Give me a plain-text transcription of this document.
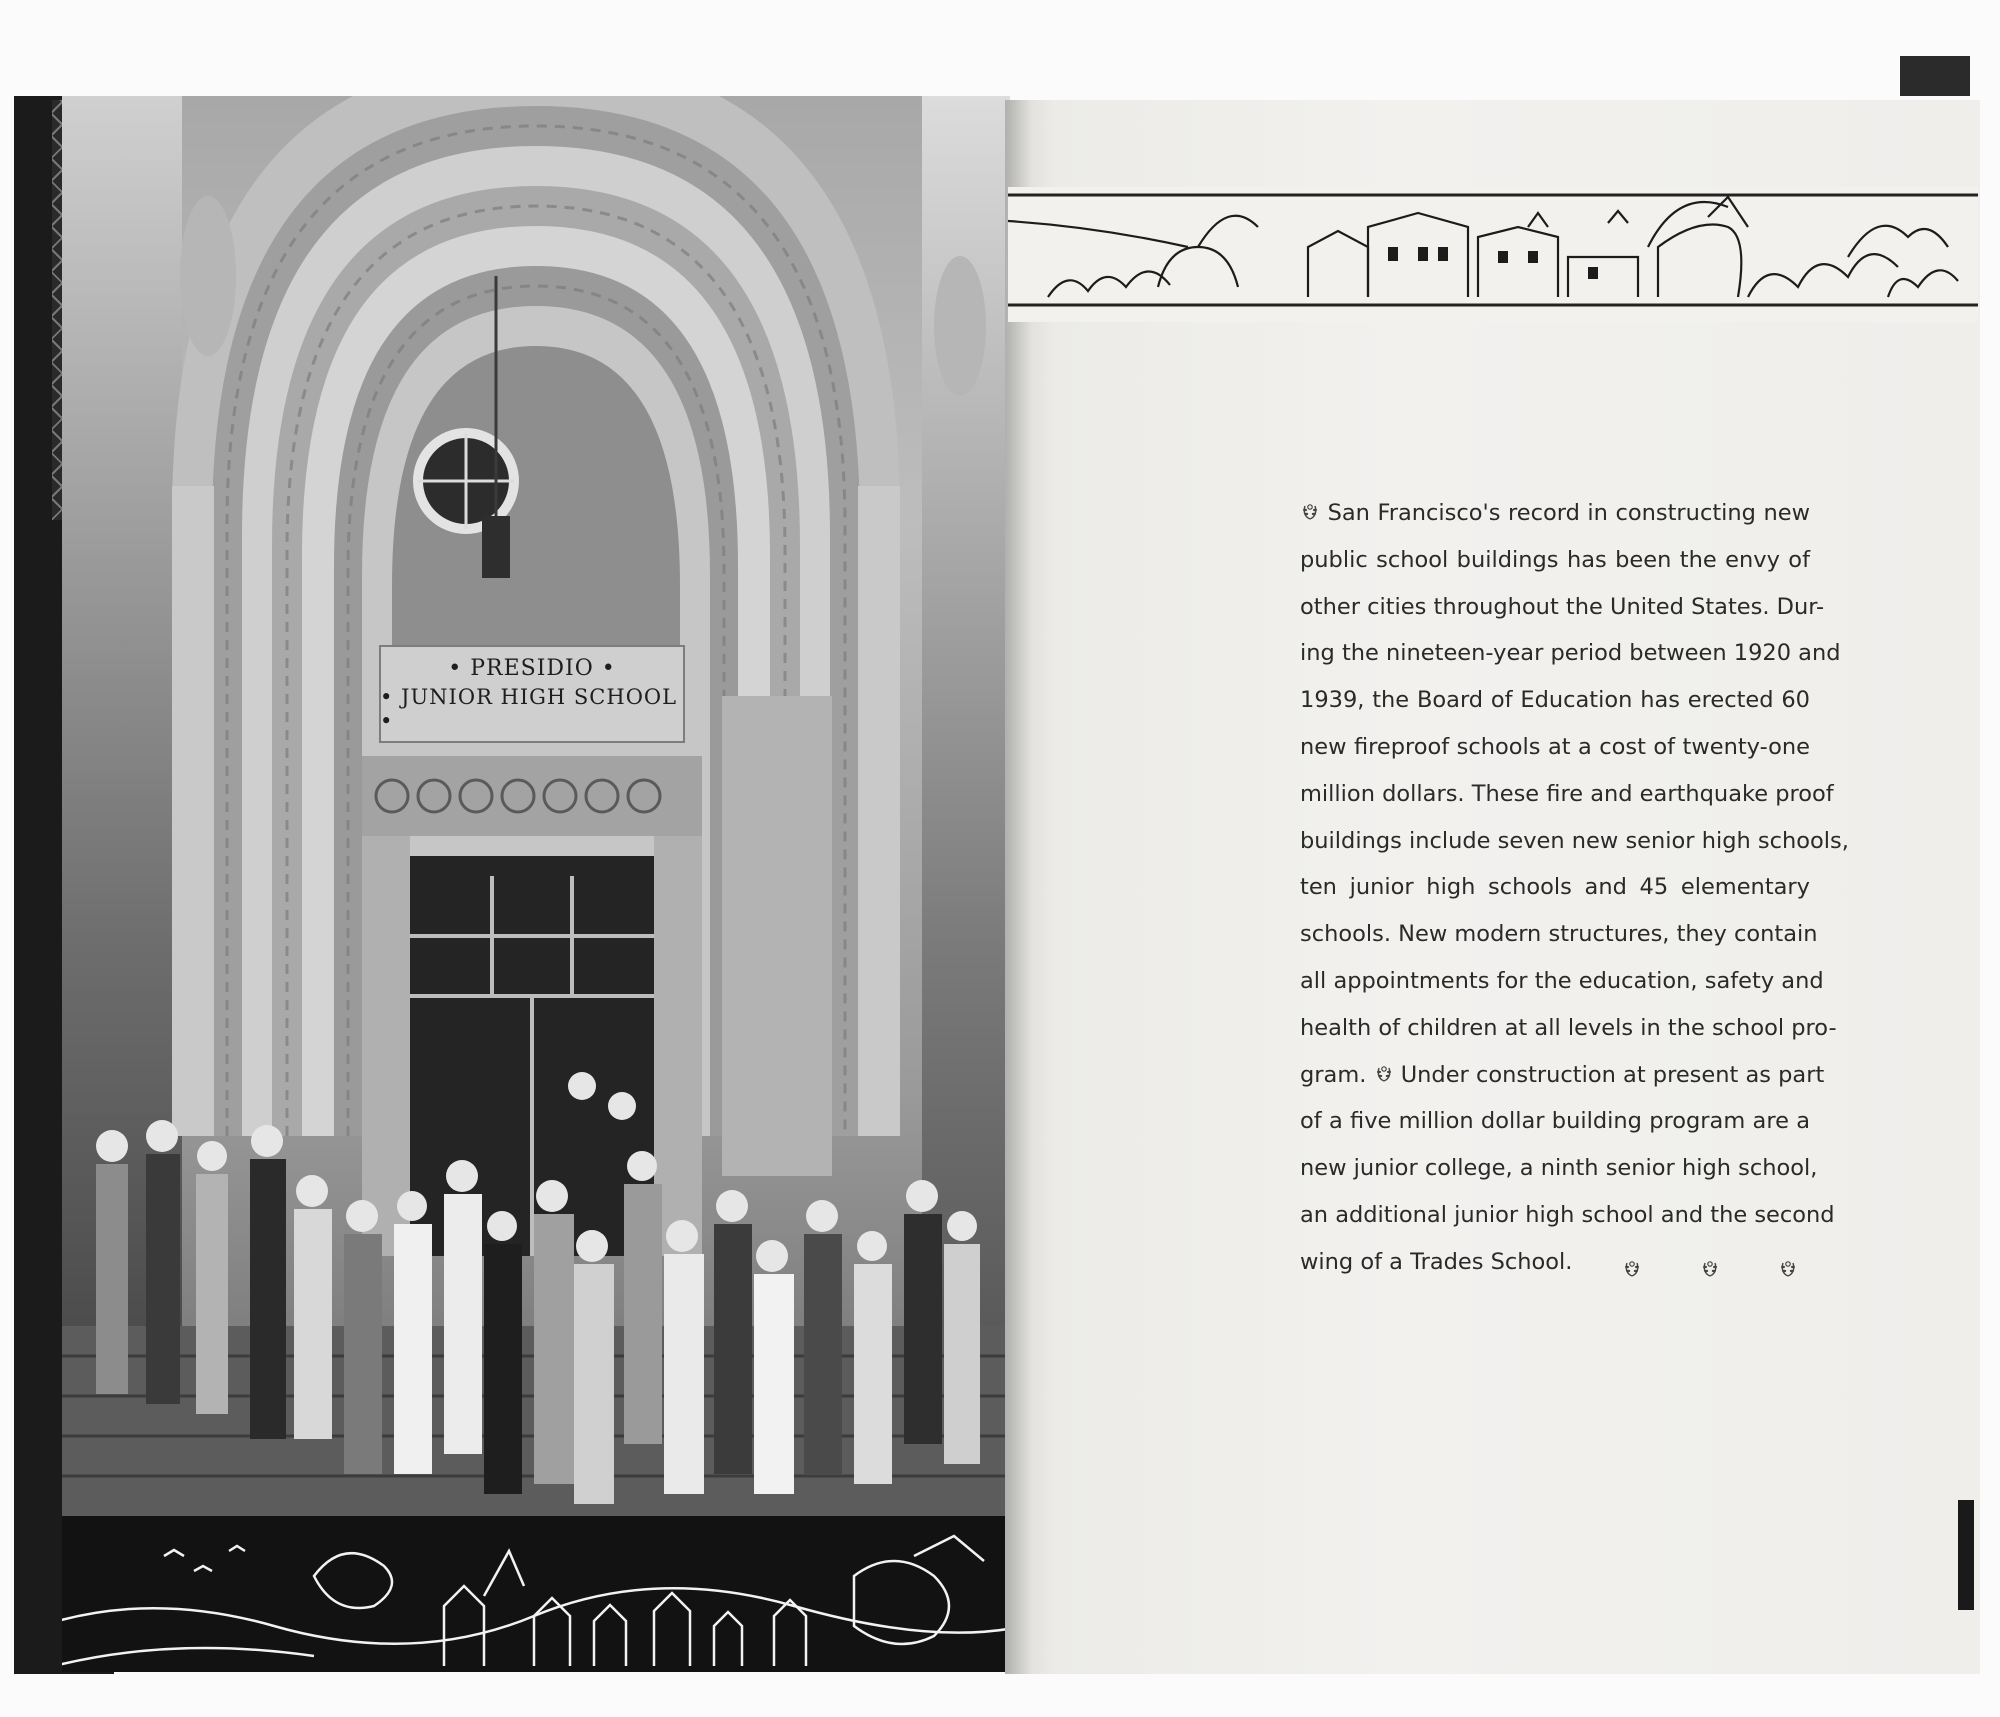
• PRESIDIO •
• JUNIOR HIGH SCHOOL •
San Francisco's record in constructing new
public school buildings has been the envy of
other cities throughout the United States. Dur-
ing the nineteen-year period between 1920 and
1939, the Board of Education has erected 60
new fireproof schools at a cost of twenty-one
million dollars. These fire and earthquake proof
buildings include seven new senior high schools,
ten junior high schools and 45 elementary
schools. New modern structures, they contain
all appointments for the education, safety and
health of children at all levels in the school pro-
gram. Under construction at present as part
of a five million dollar building program are a
new junior college, a ninth senior high school,
an additional junior high school and the second
wing of a Trades School.
